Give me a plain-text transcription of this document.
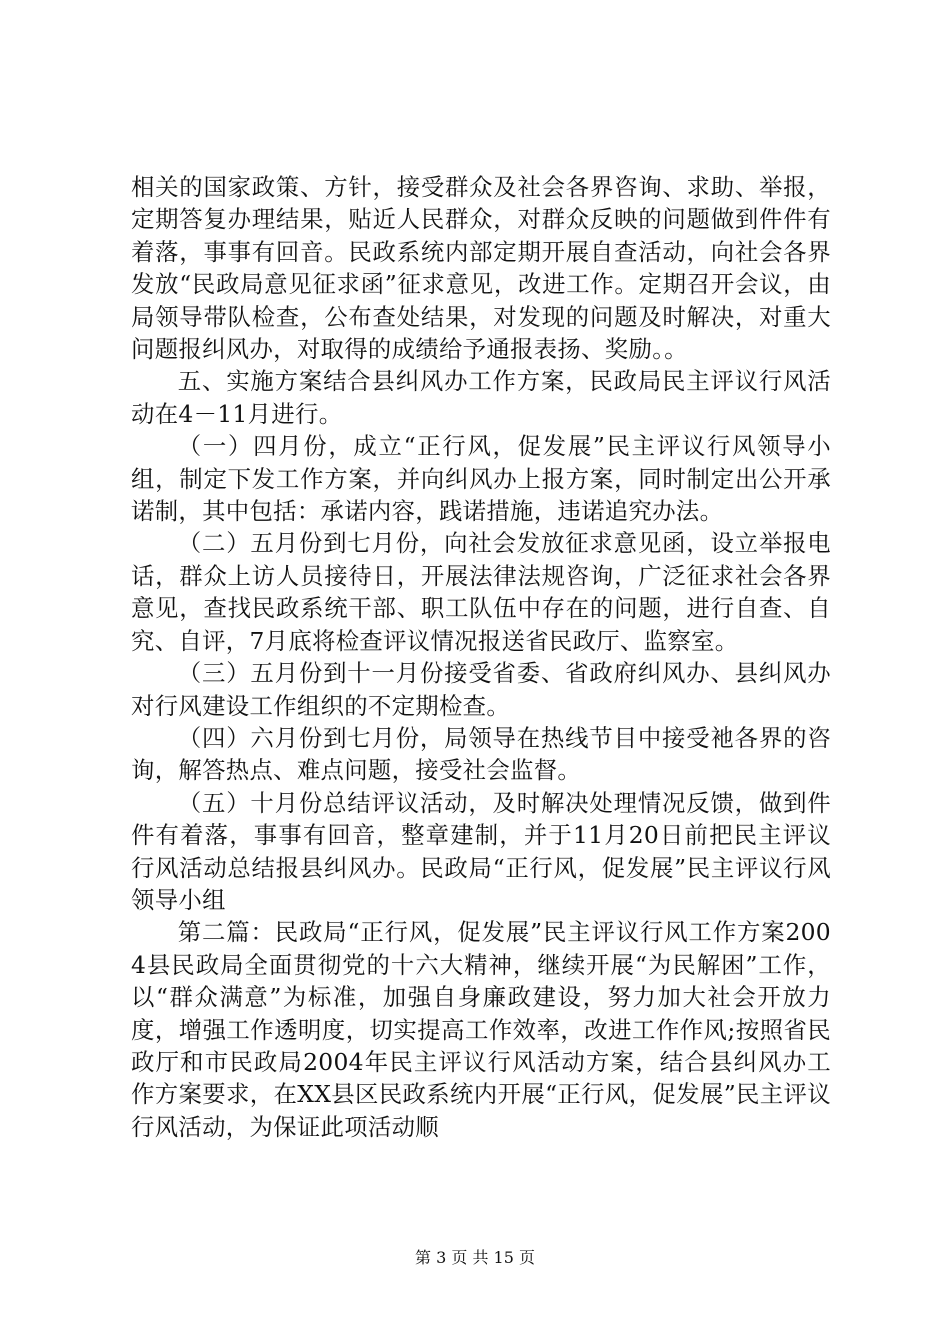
相关的国家政策、方针，接受群众及社会各界咨询、求助、举报，定期答复办理结果，贴近人民群众，对群众反映的问题做到件件有着落，事事有回音。民政系统内部定期开展自查活动，向社会各界发放“民政局意见征求函”征求意见，改进工作。定期召开会议，由局领导带队检查，公布查处结果，对发现的问题及时解决，对重大问题报纠风办，对取得的成绩给予通报表扬、奖励。。

五、实施方案结合县纠风办工作方案，民政局民主评议行风活动在4－11月进行。

（一）四月份，成立“正行风，促发展”民主评议行风领导小组，制定下发工作方案，并向纠风办上报方案，同时制定出公开承诺制，其中包括：承诺内容，践诺措施，违诺追究办法。

（二）五月份到七月份，向社会发放征求意见函，设立举报电话，群众上访人员接待日，开展法律法规咨询，广泛征求社会各界意见，查找民政系统干部、职工队伍中存在的问题，进行自查、自究、自评，7月底将检查评议情况报送省民政厅、监察室。

（三）五月份到十一月份接受省委、省政府纠风办、县纠风办对行风建设工作组织的不定期检查。

（四）六月份到七月份，局领导在热线节目中接受衪各界的咨询，解答热点、难点问题，接受社会监督。

（五）十月份总结评议活动，及时解决处理情况反馈，做到件件有着落，事事有回音，整章建制，并于11月20日前把民主评议行风活动总结报县纠风办。民政局“正行风，促发展”民主评议行风领导小组

第二篇：民政局“正行风，促发展”民主评议行风工作方案2004县民政局全面贯彻党的十六大精神，继续开展“为民解困”工作，以“群众满意”为标准，加强自身廉政建设，努力加大社会开放力度，增强工作透明度，切实提高工作效率，改进工作作风;按照省民政厅和市民政局2004年民主评议行风活动方案，结合县纠风办工作方案要求，在XX县区民政系统内开展“正行风，促发展”民主评议行风活动，为保证此项活动顺

第 3 页 共 15 页
